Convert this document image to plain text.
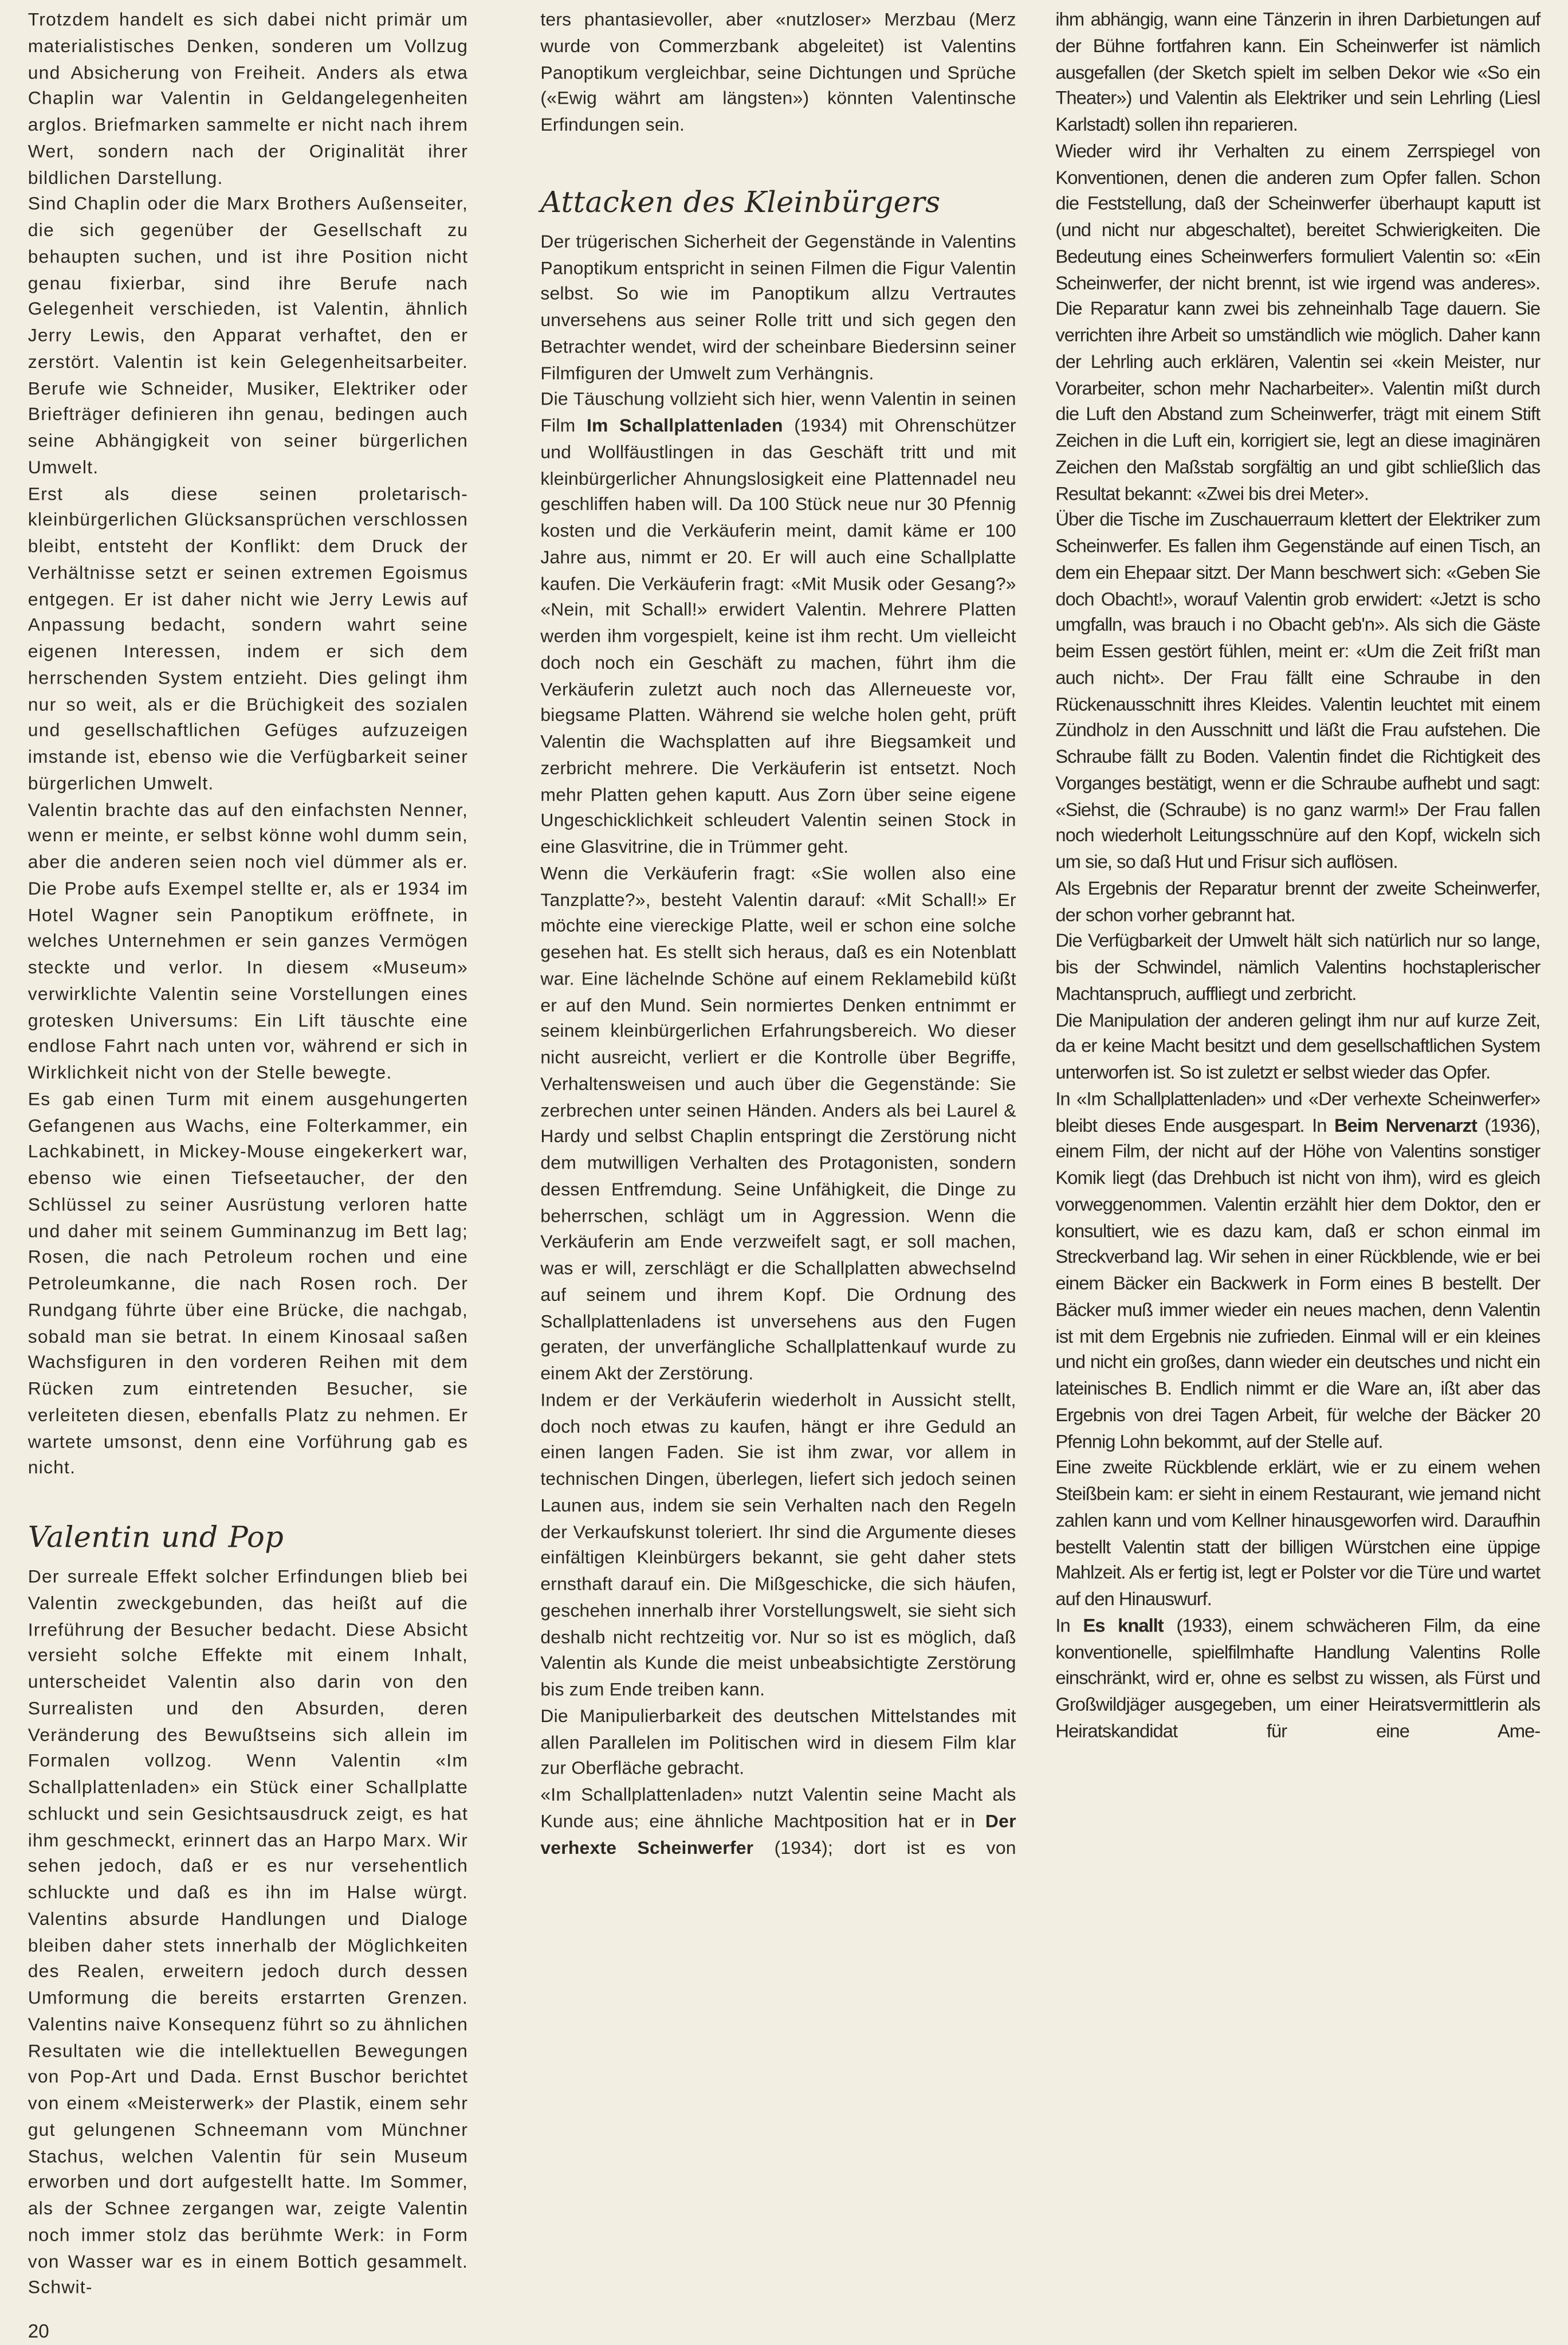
Trotzdem handelt es sich dabei nicht primär um materialistisches Denken, sonderen um Vollzug und Absicherung von Freiheit. Anders als etwa Chaplin war Valentin in Geldangelegenheiten arglos. Briefmarken sammelte er nicht nach ihrem Wert, sondern nach der Originalität ihrer bildlichen Darstellung.

Sind Chaplin oder die Marx Brothers Außenseiter, die sich gegenüber der Gesellschaft zu behaupten suchen, und ist ihre Position nicht genau fixierbar, sind ihre Berufe nach Gelegenheit verschieden, ist Valentin, ähnlich Jerry Lewis, den Apparat verhaftet, den er zerstört. Valentin ist kein Gelegenheitsarbeiter. Berufe wie Schneider, Musiker, Elektriker oder Briefträger definieren ihn genau, bedingen auch seine Abhängigkeit von seiner bürgerlichen Umwelt.

Erst als diese seinen proletarisch-kleinbürgerlichen Glücksansprüchen verschlossen bleibt, entsteht der Konflikt: dem Druck der Verhältnisse setzt er seinen extremen Egoismus entgegen. Er ist daher nicht wie Jerry Lewis auf Anpassung bedacht, sondern wahrt seine eigenen Interessen, indem er sich dem herrschenden System entzieht. Dies gelingt ihm nur so weit, als er die Brüchigkeit des sozialen und gesellschaftlichen Gefüges aufzuzeigen imstande ist, ebenso wie die Verfügbarkeit seiner bürgerlichen Umwelt.

Valentin brachte das auf den einfachsten Nenner, wenn er meinte, er selbst könne wohl dumm sein, aber die anderen seien noch viel dümmer als er. Die Probe aufs Exempel stellte er, als er 1934 im Hotel Wagner sein Panoptikum eröffnete, in welches Unternehmen er sein ganzes Vermögen steckte und verlor. In diesem «Museum» verwirklichte Valentin seine Vorstellungen eines grotesken Universums: Ein Lift täuschte eine endlose Fahrt nach unten vor, während er sich in Wirklichkeit nicht von der Stelle bewegte.

Es gab einen Turm mit einem ausgehungerten Gefangenen aus Wachs, eine Folterkammer, ein Lachkabinett, in Mickey-Mouse eingekerkert war, ebenso wie einen Tiefseetaucher, der den Schlüssel zu seiner Ausrüstung verloren hatte und daher mit seinem Gumminanzug im Bett lag; Rosen, die nach Petroleum rochen und eine Petroleumkanne, die nach Rosen roch. Der Rundgang führte über eine Brücke, die nachgab, sobald man sie betrat. In einem Kinosaal saßen Wachsfiguren in den vorderen Reihen mit dem Rücken zum eintretenden Besucher, sie verleiteten diesen, ebenfalls Platz zu nehmen. Er wartete umsonst, denn eine Vorführung gab es nicht.

Valentin und Pop

Der surreale Effekt solcher Erfindungen blieb bei Valentin zweckgebunden, das heißt auf die Irreführung der Besucher bedacht. Diese Absicht versieht solche Effekte mit einem Inhalt, unterscheidet Valentin also darin von den Surrealisten und den Absurden, deren Veränderung des Bewußtseins sich allein im Formalen vollzog. Wenn Valentin «Im Schallplattenladen» ein Stück einer Schallplatte schluckt und sein Gesichtsausdruck zeigt, es hat ihm geschmeckt, erinnert das an Harpo Marx. Wir sehen jedoch, daß er es nur versehentlich schluckte und daß es ihn im Halse würgt. Valentins absurde Handlungen und Dialoge bleiben daher stets innerhalb der Möglichkeiten des Realen, erweitern jedoch durch dessen Umformung die bereits erstarrten Grenzen. Valentins naive Konsequenz führt so zu ähnlichen Resultaten wie die intellektuellen Bewegungen von Pop-Art und Dada. Ernst Buschor berichtet von einem «Meisterwerk» der Plastik, einem sehr gut gelungenen Schneemann vom Münchner Stachus, welchen Valentin für sein Museum erworben und dort aufgestellt hatte. Im Sommer, als der Schnee zergangen war, zeigte Valentin noch immer stolz das berühmte Werk: in Form von Wasser war es in einem Bottich gesammelt. Schwit-

20

ters phantasievoller, aber «nutzloser» Merzbau (Merz wurde von Commerzbank abgeleitet) ist Valentins Panoptikum vergleichbar, seine Dichtungen und Sprüche («Ewig währt am längsten») könnten Valentinsche Erfindungen sein.

Attacken des Kleinbürgers

Der trügerischen Sicherheit der Gegenstände in Valentins Panoptikum entspricht in seinen Filmen die Figur Valentin selbst. So wie im Panoptikum allzu Vertrautes unversehens aus seiner Rolle tritt und sich gegen den Betrachter wendet, wird der scheinbare Biedersinn seiner Filmfiguren der Umwelt zum Verhängnis.

Die Täuschung vollzieht sich hier, wenn Valentin in seinen Film Im Schallplattenladen (1934) mit Ohrenschützer und Wollfäustlingen in das Geschäft tritt und mit kleinbürgerlicher Ahnungslosigkeit eine Plattennadel neu geschliffen haben will. Da 100 Stück neue nur 30 Pfennig kosten und die Verkäuferin meint, damit käme er 100 Jahre aus, nimmt er 20. Er will auch eine Schallplatte kaufen. Die Verkäuferin fragt: «Mit Musik oder Gesang?» «Nein, mit Schall!» erwidert Valentin. Mehrere Platten werden ihm vorgespielt, keine ist ihm recht. Um vielleicht doch noch ein Geschäft zu machen, führt ihm die Verkäuferin zuletzt auch noch das Allerneueste vor, biegsame Platten. Während sie welche holen geht, prüft Valentin die Wachsplatten auf ihre Biegsamkeit und zerbricht mehrere. Die Verkäuferin ist entsetzt. Noch mehr Platten gehen kaputt. Aus Zorn über seine eigene Ungeschicklichkeit schleudert Valentin seinen Stock in eine Glasvitrine, die in Trümmer geht.

Wenn die Verkäuferin fragt: «Sie wollen also eine Tanzplatte?», besteht Valentin darauf: «Mit Schall!» Er möchte eine viereckige Platte, weil er schon eine solche gesehen hat. Es stellt sich heraus, daß es ein Notenblatt war. Eine lächelnde Schöne auf einem Reklamebild küßt er auf den Mund. Sein normiertes Denken entnimmt er seinem kleinbürgerlichen Erfahrungsbereich. Wo dieser nicht ausreicht, verliert er die Kontrolle über Begriffe, Verhaltensweisen und auch über die Gegenstände: Sie zerbrechen unter seinen Händen. Anders als bei Laurel & Hardy und selbst Chaplin entspringt die Zerstörung nicht dem mutwilligen Verhalten des Protagonisten, sondern dessen Entfremdung. Seine Unfähigkeit, die Dinge zu beherrschen, schlägt um in Aggression. Wenn die Verkäuferin am Ende verzweifelt sagt, er soll machen, was er will, zerschlägt er die Schallplatten abwechselnd auf seinem und ihrem Kopf. Die Ordnung des Schallplattenladens ist unversehens aus den Fugen geraten, der unverfängliche Schallplattenkauf wurde zu einem Akt der Zerstörung.

Indem er der Verkäuferin wiederholt in Aussicht stellt, doch noch etwas zu kaufen, hängt er ihre Geduld an einen langen Faden. Sie ist ihm zwar, vor allem in technischen Dingen, überlegen, liefert sich jedoch seinen Launen aus, indem sie sein Verhalten nach den Regeln der Verkaufskunst toleriert. Ihr sind die Argumente dieses einfältigen Kleinbürgers bekannt, sie geht daher stets ernsthaft darauf ein. Die Mißgeschicke, die sich häufen, geschehen innerhalb ihrer Vorstellungswelt, sie sieht sich deshalb nicht rechtzeitig vor. Nur so ist es möglich, daß Valentin als Kunde die meist unbeabsichtigte Zerstörung bis zum Ende treiben kann.

Die Manipulierbarkeit des deutschen Mittelstandes mit allen Parallelen im Politischen wird in diesem Film klar zur Oberfläche gebracht.

«Im Schallplattenladen» nutzt Valentin seine Macht als Kunde aus; eine ähnliche Machtposition hat er in Der verhexte Scheinwerfer (1934); dort ist es von

ihm abhängig, wann eine Tänzerin in ihren Darbietungen auf der Bühne fortfahren kann. Ein Scheinwerfer ist nämlich ausgefallen (der Sketch spielt im selben Dekor wie «So ein Theater») und Valentin als Elektriker und sein Lehrling (Liesl Karlstadt) sollen ihn reparieren.

Wieder wird ihr Verhalten zu einem Zerrspiegel von Konventionen, denen die anderen zum Opfer fallen. Schon die Feststellung, daß der Scheinwerfer überhaupt kaputt ist (und nicht nur abgeschaltet), bereitet Schwierigkeiten. Die Bedeutung eines Scheinwerfers formuliert Valentin so: «Ein Scheinwerfer, der nicht brennt, ist wie irgend was anderes». Die Reparatur kann zwei bis zehneinhalb Tage dauern. Sie verrichten ihre Arbeit so umständlich wie möglich. Daher kann der Lehrling auch erklären, Valentin sei «kein Meister, nur Vorarbeiter, schon mehr Nacharbeiter». Valentin mißt durch die Luft den Abstand zum Scheinwerfer, trägt mit einem Stift Zeichen in die Luft ein, korrigiert sie, legt an diese imaginären Zeichen den Maßstab sorgfältig an und gibt schließlich das Resultat bekannt: «Zwei bis drei Meter».

Über die Tische im Zuschauerraum klettert der Elektriker zum Scheinwerfer. Es fallen ihm Gegenstände auf einen Tisch, an dem ein Ehepaar sitzt. Der Mann beschwert sich: «Geben Sie doch Obacht!», worauf Valentin grob erwidert: «Jetzt is scho umgfalln, was brauch i no Obacht geb'n». Als sich die Gäste beim Essen gestört fühlen, meint er: «Um die Zeit frißt man auch nicht». Der Frau fällt eine Schraube in den Rückenausschnitt ihres Kleides. Valentin leuchtet mit einem Zündholz in den Ausschnitt und läßt die Frau aufstehen. Die Schraube fällt zu Boden. Valentin findet die Richtigkeit des Vorganges bestätigt, wenn er die Schraube aufhebt und sagt: «Siehst, die (Schraube) is no ganz warm!» Der Frau fallen noch wiederholt Leitungsschnüre auf den Kopf, wickeln sich um sie, so daß Hut und Frisur sich auflösen.

Als Ergebnis der Reparatur brennt der zweite Scheinwerfer, der schon vorher gebrannt hat.

Die Verfügbarkeit der Umwelt hält sich natürlich nur so lange, bis der Schwindel, nämlich Valentins hochstaplerischer Machtanspruch, auffliegt und zerbricht.

Die Manipulation der anderen gelingt ihm nur auf kurze Zeit, da er keine Macht besitzt und dem gesellschaftlichen System unterworfen ist. So ist zuletzt er selbst wieder das Opfer.

In «Im Schallplattenladen» und «Der verhexte Scheinwerfer» bleibt dieses Ende ausgespart. In Beim Nervenarzt (1936), einem Film, der nicht auf der Höhe von Valentins sonstiger Komik liegt (das Drehbuch ist nicht von ihm), wird es gleich vorweggenommen. Valentin erzählt hier dem Doktor, den er konsultiert, wie es dazu kam, daß er schon einmal im Streckverband lag. Wir sehen in einer Rückblende, wie er bei einem Bäcker ein Backwerk in Form eines B bestellt. Der Bäcker muß immer wieder ein neues machen, denn Valentin ist mit dem Ergebnis nie zufrieden. Einmal will er ein kleines und nicht ein großes, dann wieder ein deutsches und nicht ein lateinisches B. Endlich nimmt er die Ware an, ißt aber das Ergebnis von drei Tagen Arbeit, für welche der Bäcker 20 Pfennig Lohn bekommt, auf der Stelle auf.

Eine zweite Rückblende erklärt, wie er zu einem wehen Steißbein kam: er sieht in einem Restaurant, wie jemand nicht zahlen kann und vom Kellner hinausgeworfen wird. Daraufhin bestellt Valentin statt der billigen Würstchen eine üppige Mahlzeit. Als er fertig ist, legt er Polster vor die Türe und wartet auf den Hinauswurf.

In Es knallt (1933), einem schwächeren Film, da eine konventionelle, spielfilmhafte Handlung Valentins Rolle einschränkt, wird er, ohne es selbst zu wissen, als Fürst und Großwildjäger ausgegeben, um einer Heiratsvermittlerin als Heiratskandidat für eine Ame-
